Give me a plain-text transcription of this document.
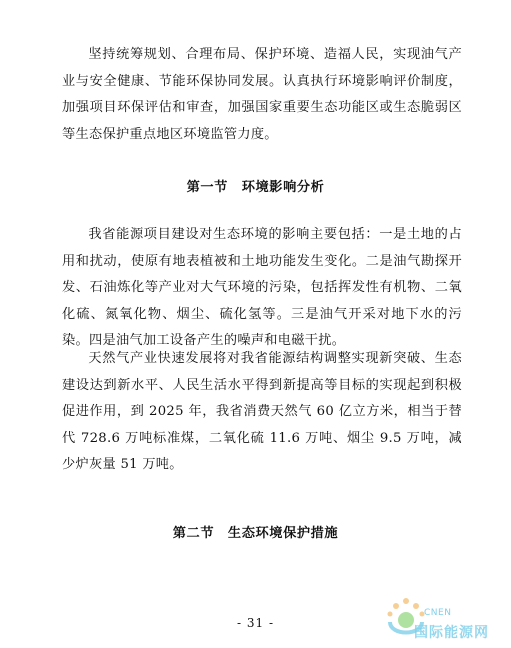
坚持统筹规划、合理布局、保护环境、造福人民，实现油气产业与安全健康、节能环保协同发展。认真执行环境影响评价制度，加强项目环保评估和审查，加强国家重要生态功能区或生态脆弱区等生态保护重点地区环境监管力度。

第一节　环境影响分析

我省能源项目建设对生态环境的影响主要包括：一是土地的占用和扰动，使原有地表植被和土地功能发生变化。二是油气勘探开发、石油炼化等产业对大气环境的污染，包括挥发性有机物、二氧化硫、氮氧化物、烟尘、硫化氢等。三是油气开采对地下水的污染。四是油气加工设备产生的噪声和电磁干扰。

天然气产业快速发展将对我省能源结构调整实现新突破、生态建设达到新水平、人民生活水平得到新提高等目标的实现起到积极促进作用，到 2025 年，我省消费天然气 60 亿立方米，相当于替代 728.6 万吨标准煤，二氧化硫 11.6 万吨、烟尘 9.5 万吨，减少炉灰量 51 万吨。

第二节　生态环境保护措施
- 31 -
CNEN
国际能源网
